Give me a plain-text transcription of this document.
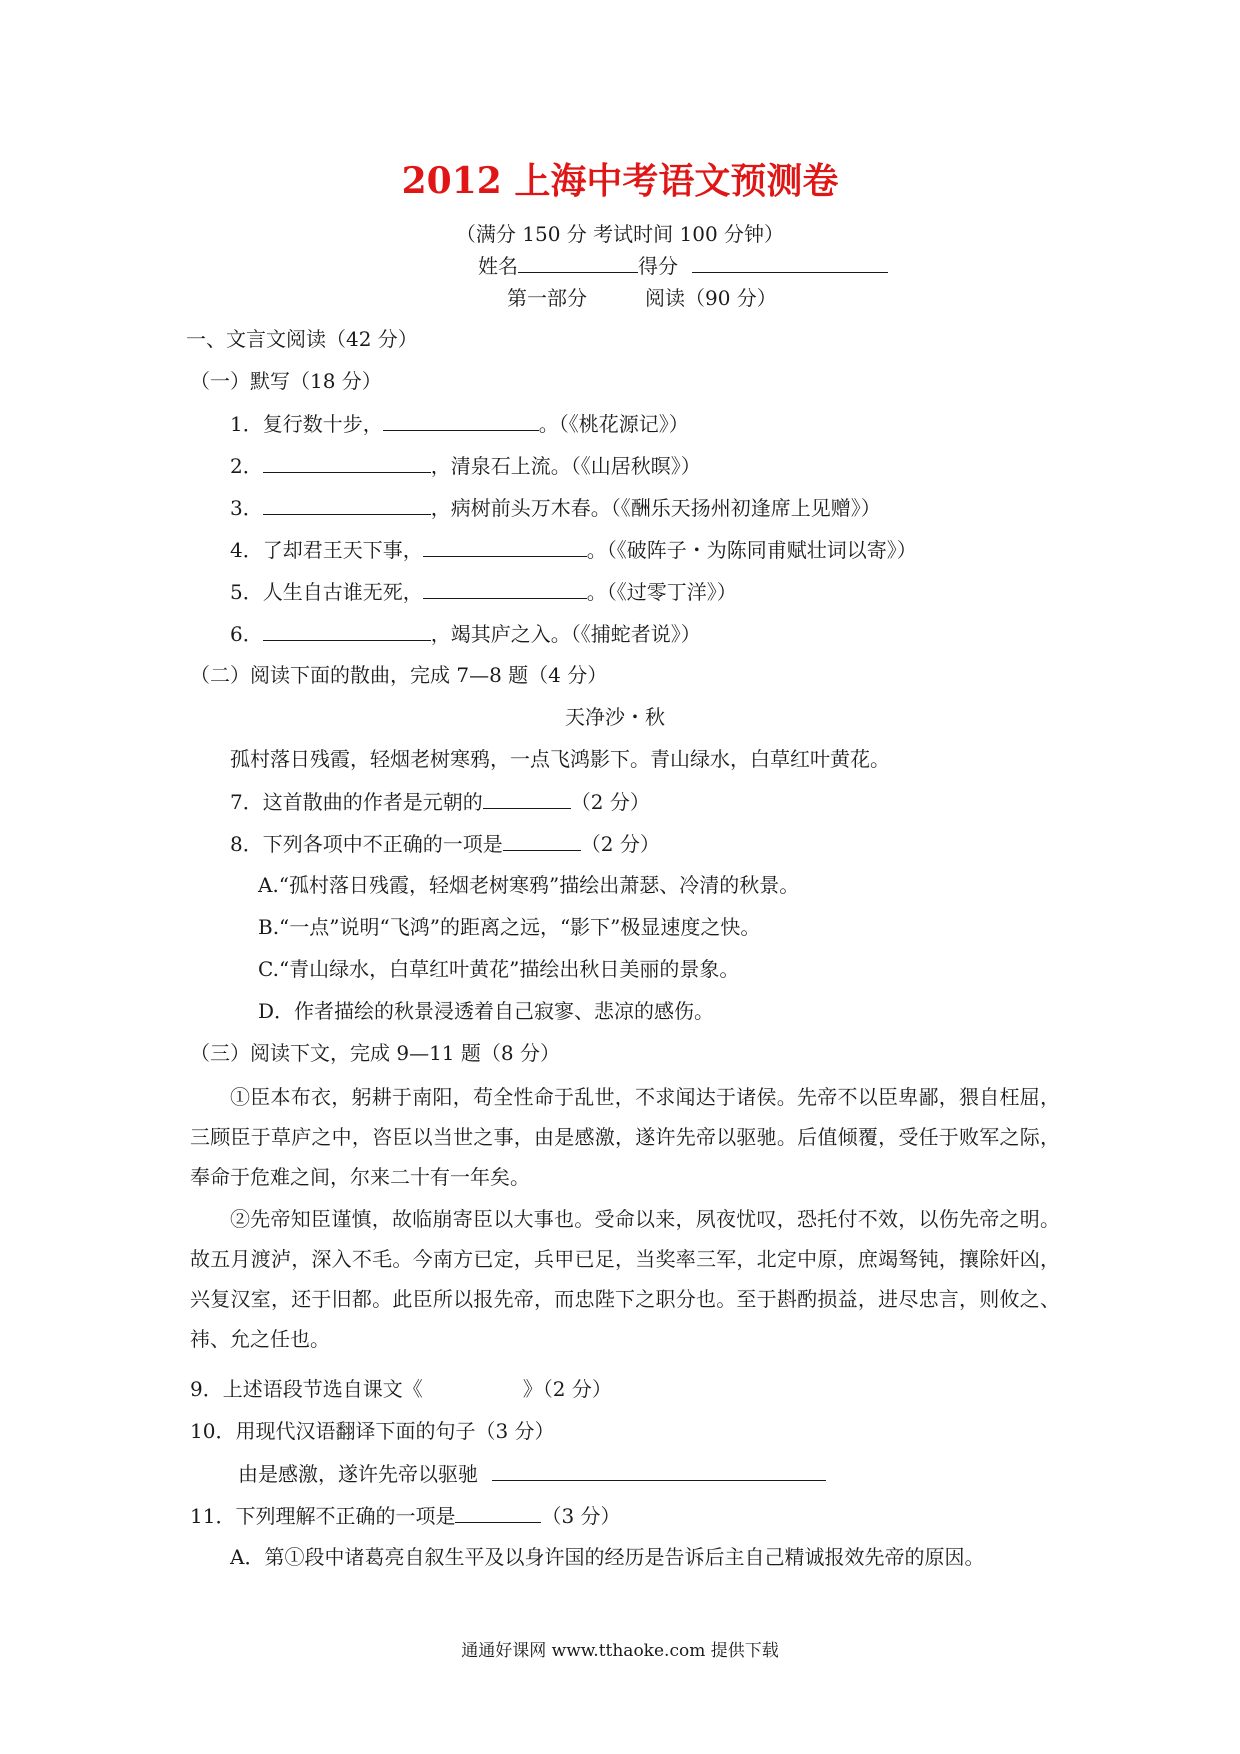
2012 上海中考语文预测卷
（满分 150 分 考试时间 100 分钟）
姓名	得分
第一部分	阅读（90 分）
一、文言文阅读（42 分）
（一）默写（18 分）
1．复行数十步，	。（《桃花源记》）
2．	，清泉石上流。（《山居秋暝》）
3．	，病树前头万木春。（《酬乐天扬州初逢席上见赠》）
4．了却君王天下事，	。（《破阵子・为陈同甫赋壮词以寄》）
5．人生自古谁无死，	。（《过零丁洋》）
6．	，竭其庐之入。（《捕蛇者说》）
（二）阅读下面的散曲，完成 7—8 题（4 分）
天净沙・秋
孤村落日残霞，轻烟老树寒鸦，一点飞鸿影下。青山绿水，白草红叶黄花。
7．这首散曲的作者是元朝的	（2 分）
8．下列各项中不正确的一项是	（2 分）
A.“孤村落日残霞，轻烟老树寒鸦”描绘出萧瑟、冷清的秋景。
B.“一点”说明“飞鸿”的距离之远，“影下”极显速度之快。
C.“青山绿水，白草红叶黄花”描绘出秋日美丽的景象。
D．作者描绘的秋景浸透着自己寂寥、悲凉的感伤。
（三）阅读下文，完成 9—11 题（8 分）
①臣本布衣，躬耕于南阳，苟全性命于乱世，不求闻达于诸侯。先帝不以臣卑鄙，猥自枉屈，三顾臣于草庐之中，咨臣以当世之事，由是感激，遂许先帝以驱驰。后值倾覆，受任于败军之际，奉命于危难之间，尔来二十有一年矣。
②先帝知臣谨慎，故临崩寄臣以大事也。受命以来，夙夜忧叹，恐托付不效，以伤先帝之明。故五月渡泸，深入不毛。今南方已定，兵甲已足，当奖率三军，北定中原，庶竭驽钝，攘除奸凶，兴复汉室，还于旧都。此臣所以报先帝，而忠陛下之职分也。至于斟酌损益，进尽忠言，则攸之、祎、允之任也。
9．上述语段节选自课文《	》（2 分）
10．用现代汉语翻译下面的句子（3 分）
由是感激，遂许先帝以驱驰
11．下列理解不正确的一项是	（3 分）
A．第①段中诸葛亮自叙生平及以身许国的经历是告诉后主自己精诚报效先帝的原因。
通通好课网 www.tthaoke.com 提供下载
